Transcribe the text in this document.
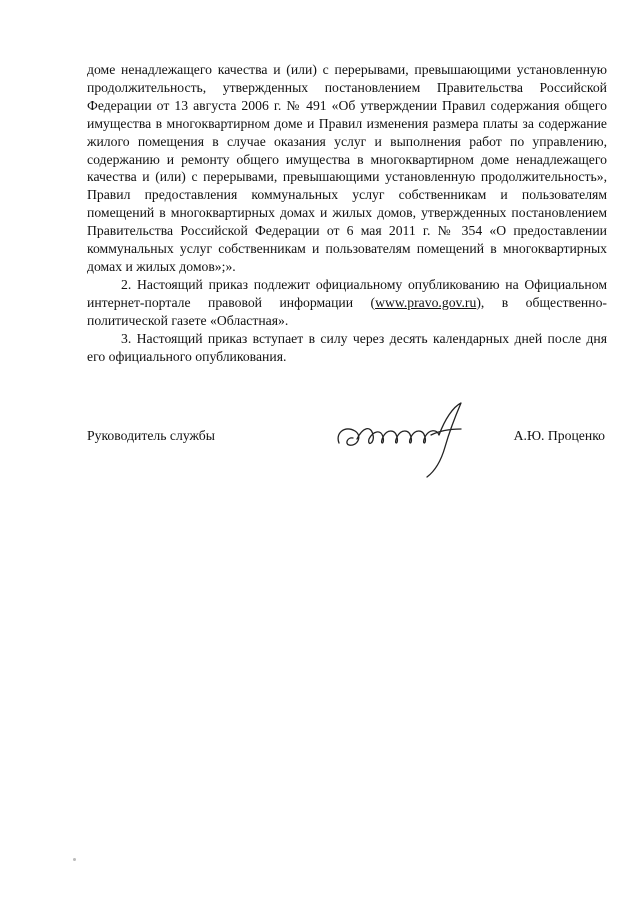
доме ненадлежащего качества и (или) с перерывами, превышающими установленную продолжительность, утвержденных постановлением Правительства Российской Федерации от 13 августа 2006 г. № 491 «Об утверждении Правил содержания общего имущества в многоквартирном доме и Правил изменения размера платы за содержание жилого помещения в случае оказания услуг и выполнения работ по управлению, содержанию и ремонту общего имущества в многоквартирном доме ненадлежащего качества и (или) с перерывами, превышающими установленную продолжительность», Правил предоставления коммунальных услуг собственникам и пользователям помещений в многоквартирных домах и жилых домов, утвержденных постановлением Правительства Российской Федерации от 6 мая 2011 г. № 354 «О предоставлении коммунальных услуг собственникам и пользователям помещений в многоквартирных домах и жилых домов»;».

2. Настоящий приказ подлежит официальному опубликованию на Официальном интернет-портале правовой информации (www.pravo.gov.ru), в общественно-политической газете «Областная».

3. Настоящий приказ вступает в силу через десять календарных дней после дня его официального опубликования.

Руководитель службы	А.Ю. Проценко
